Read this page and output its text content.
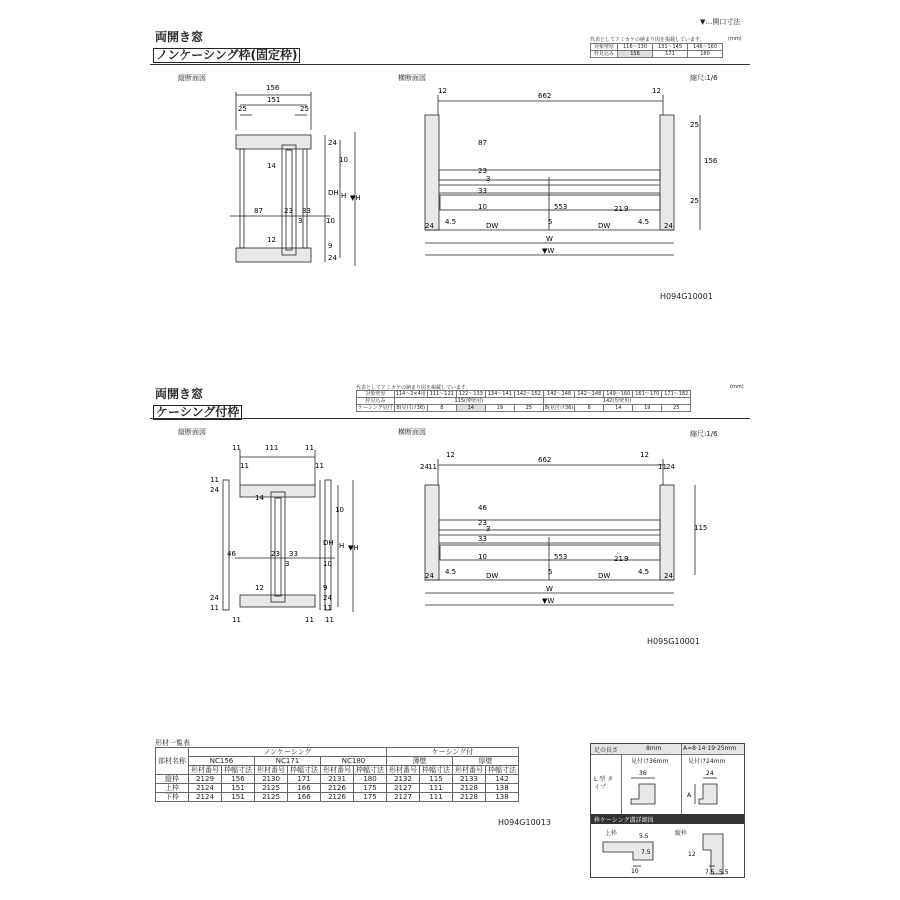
▼…開口寸法
両開き窓
ノンケーシング枠(固定枠)
代表としてアミカケの納まり図を掲載しています。	(mm)
対象壁厚	116〜130	131〜145	146〜160
枠見込み	156	171	180
縦断面図	横断面図	縮尺:1/6
H094G10001
156
151
25	25
24
10
DH H ▼H
14
87	23 33
3	10
12
24
9
12
662
12
87
23
3
33
10
4.5
553	21 9
4.5
24	DW	5	DW	24
W
▼W
25
156
25
両開き窓
ケーシング付枠
代表としてアミカケの納まり図を掲載しています。	(mm)
対象壁厚	114〜2×4用	111〜121	122〜133	134〜141	142〜152	142〜148	142〜148	149〜160	161〜170	171〜182
枠見込み	115(薄壁用)					142(厚壁用)				
ケーシング見付	8(見付け36)	8	14	19	25	8(見付け36)	8	14	19	25
縦断面図	横断面図	縮尺:1/6
H095G10001
111
11
11
11
11
24
11
10
DH H ▼H
14
46	23 33
3	10
12
24
11
9
24
11
11	11 11
24 11
12
662
12
11 24
46
23
3
33
10
4.5
553	21 9
4.5
24	DW	5	DW	24
W
▼W
115
形材一覧表
部材名称	ノンケーシング						ケーシング付			
	NC156		NC171		NC180		薄壁		厚壁	
	形材番号	枠幅寸法	形材番号	枠幅寸法	形材番号	枠幅寸法	形材番号	枠幅寸法	形材番号	枠幅寸法
縦枠	2129	156	2130	171	2131	180	2132	115	2133	142
上枠	2124	151	2125	166	2126	175	2127	111	2128	138
下枠	2124	151	2125	166	2126	175	2127	111	2128	138
H094G10013
足の長さ	8mm	A=8·14·19·25mm
見付け36mm	見付け24mm
L 型 タイプ
36	24
A
枠ケーシング溝詳細図
上枠	縦枠
10
5.5
7.5	12
7.5 5.5
